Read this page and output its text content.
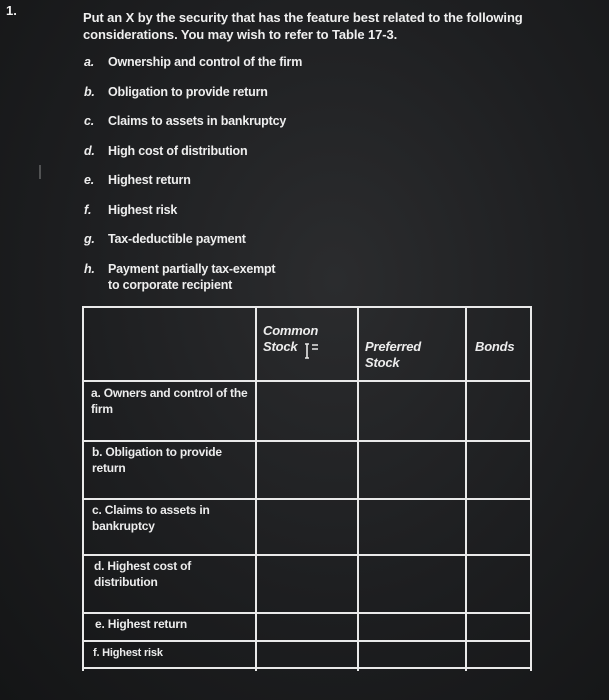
1.	Put an X by the security that has the feature best related to the following considerations. You may wish to refer to Table 17-3.
a. Ownership and control of the firm
b. Obligation to provide return
c. Claims to assets in bankruptcy
d. High cost of distribution
e. Highest return
f. Highest risk
g. Tax-deductible payment
h. Payment partially tax-exempt to corporate recipient
Common Stock	Preferred Stock
Bonds
a. Owners and control of the firm
b. Obligation to provide return
c. Claims to assets in bankruptcy
d. Highest cost of distribution
e. Highest return
f. Highest risk
